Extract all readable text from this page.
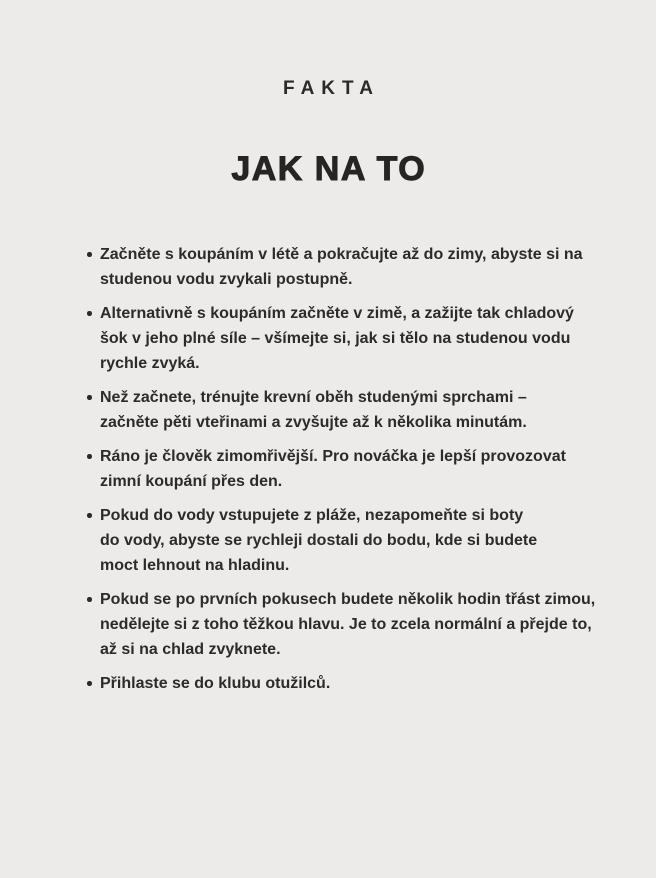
FAKTA
JAK NA TO
Začněte s koupáním v létě a pokračujte až do zimy, abyste si na
studenou vodu zvykali postupně.
Alternativně s koupáním začněte v zimě, a zažijte tak chladový
šok v jeho plné síle – všímejte si, jak si tělo na studenou vodu
rychle zvyká.
Než začnete, trénujte krevní oběh studenými sprchami –
začněte pěti vteřinami a zvyšujte až k několika minutám.
Ráno je člověk zimomřivější. Pro nováčka je lepší provozovat
zimní koupání přes den.
Pokud do vody vstupujete z pláže, nezapomeňte si boty
do vody, abyste se rychleji dostali do bodu, kde si budete
moct lehnout na hladinu.
Pokud se po prvních pokusech budete několik hodin třást zimou,
nedělejte si z toho těžkou hlavu. Je to zcela normální a přejde to,
až si na chlad zvyknete.
Přihlaste se do klubu otužilců.
